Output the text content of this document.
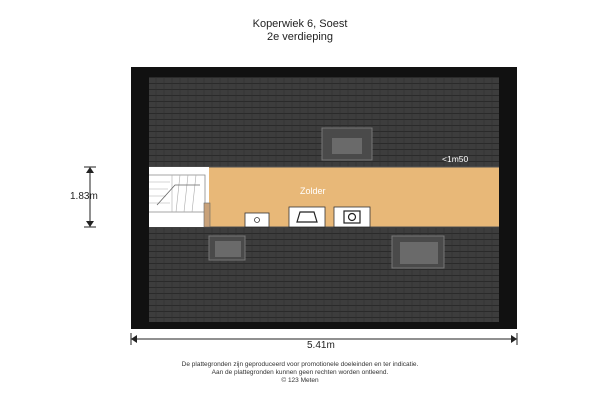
Koperwiek 6, Soest
2e verdieping
<1m50
Zolder
1.83m
5.41m
De plattegronden zijn geproduceerd voor promotionele doeleinden en ter indicatie.
Aan de plattegronden kunnen geen rechten worden ontleend.
© 123 Meten
